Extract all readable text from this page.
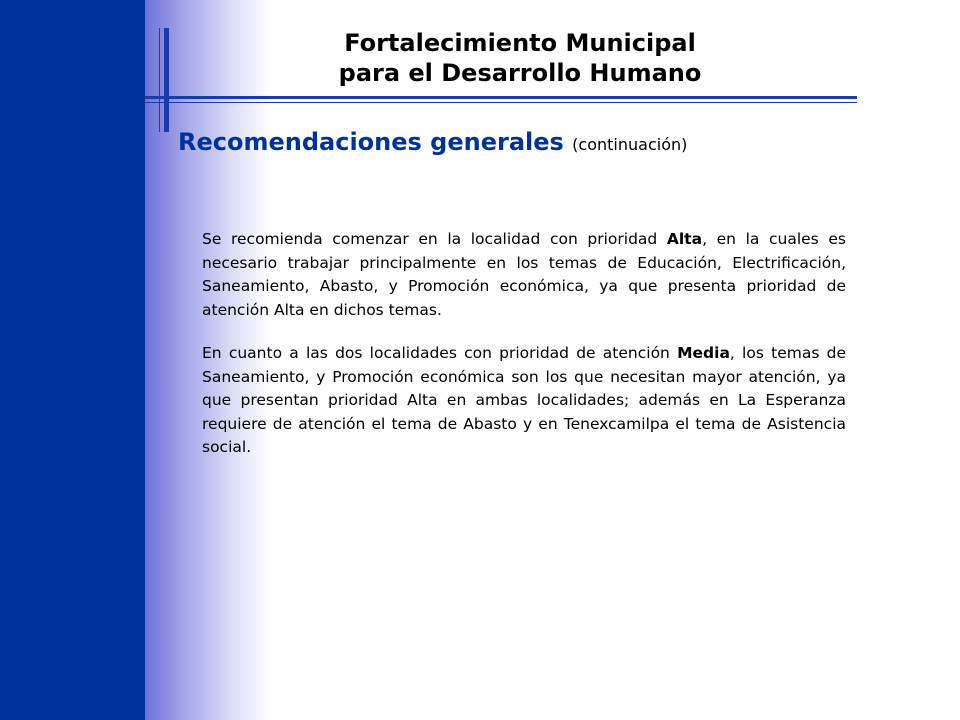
Fortalecimiento Municipal
para el Desarrollo Humano
Recomendaciones generales (continuación)

Se recomienda comenzar en la localidad con prioridad Alta, en la cuales es necesario trabajar principalmente en los temas de Educación, Electrificación, Saneamiento, Abasto, y Promoción económica, ya que presenta prioridad de atención Alta en dichos temas.

En cuanto a las dos localidades con prioridad de atención Media, los temas de Saneamiento, y Promoción económica son los que necesitan mayor atención, ya que presentan prioridad Alta en ambas localidades; además en La Esperanza requiere de atención el tema de Abasto y en Tenexcamilpa el tema de Asistencia social.
